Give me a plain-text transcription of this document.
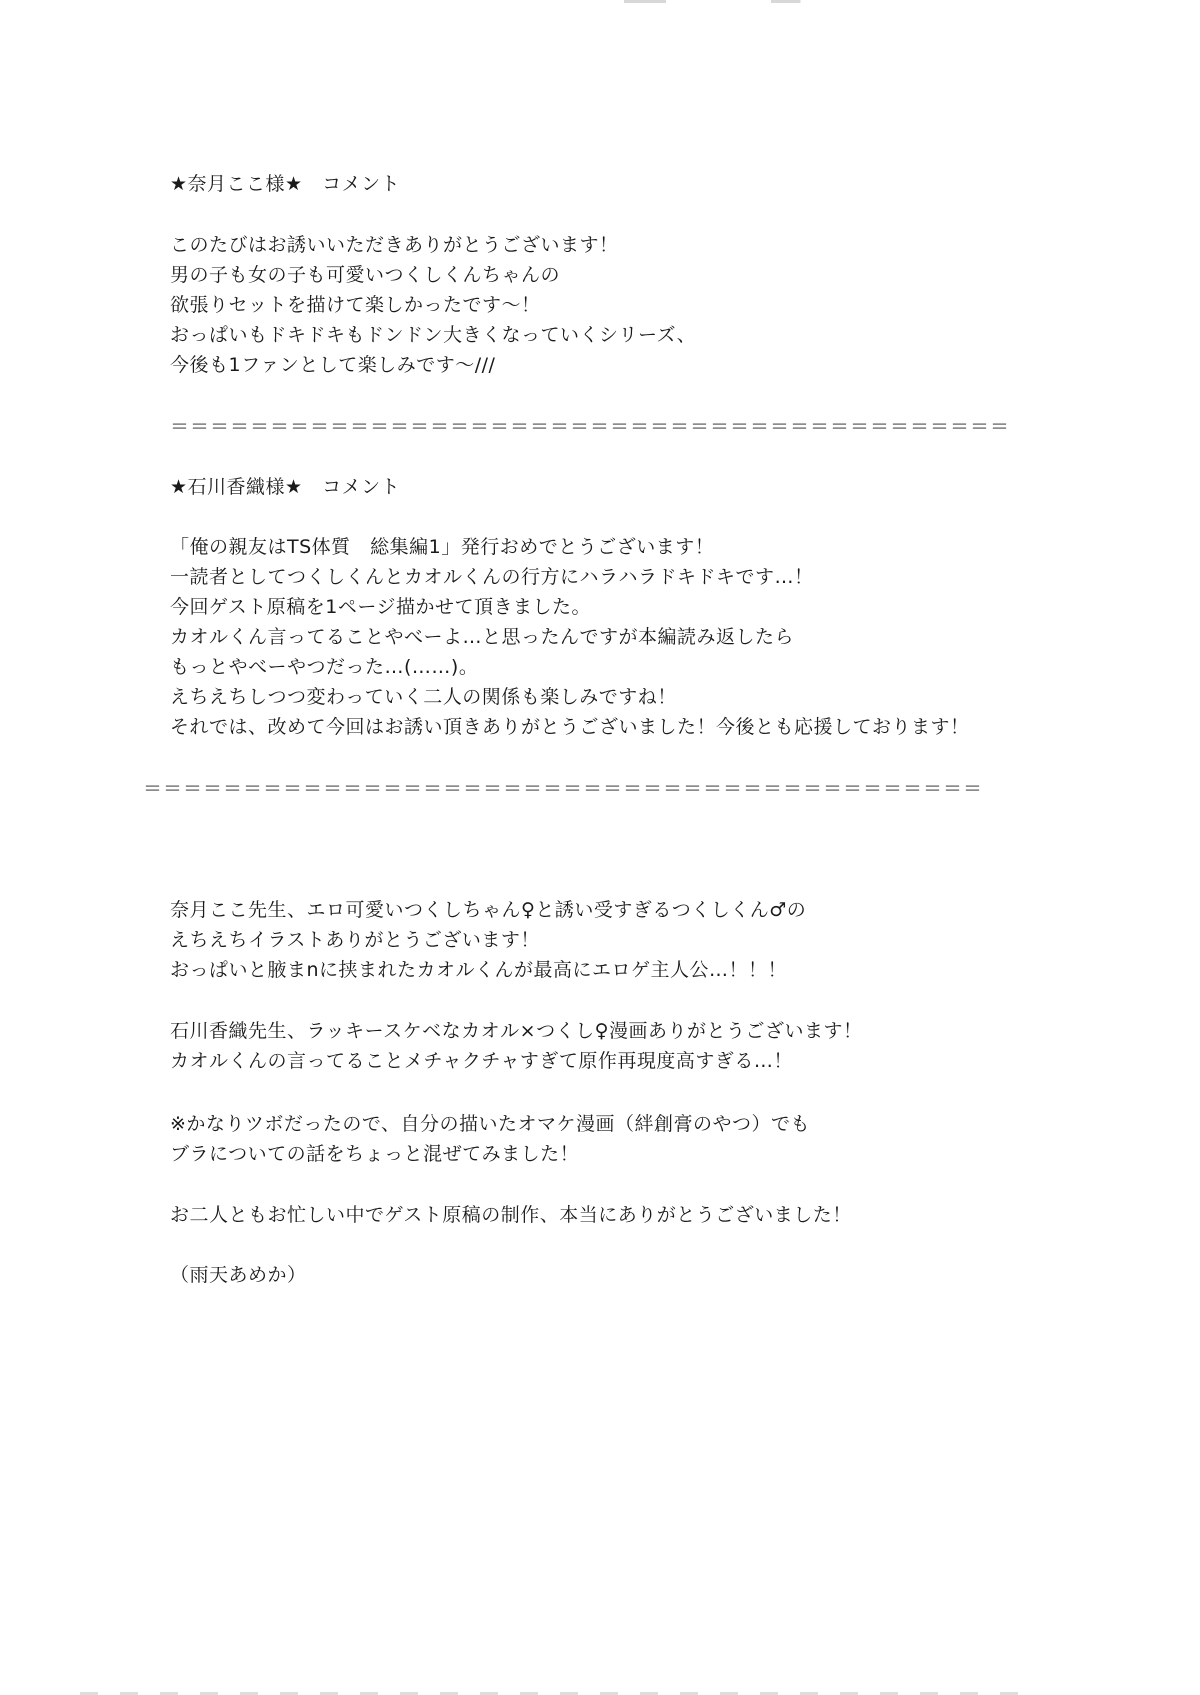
★奈月ここ様★　コメント
このたびはお誘いいただきありがとうございます！
男の子も女の子も可愛いつくしくんちゃんの
欲張りセットを描けて楽しかったです～！
おっぱいもドキドキもドンドン大きくなっていくシリーズ、
今後も1ファンとして楽しみです～///
＝＝＝＝＝＝＝＝＝＝＝＝＝＝＝＝＝＝＝＝＝＝＝＝＝＝＝＝＝＝＝＝＝＝＝＝＝＝＝＝＝＝
★石川香織様★　コメント
「俺の親友はTS体質　総集編1」発行おめでとうございます！
一読者としてつくしくんとカオルくんの行方にハラハラドキドキです…！
今回ゲスト原稿を1ページ描かせて頂きました。
カオルくん言ってることやべーよ…と思ったんですが本編読み返したら
もっとやべーやつだった…(……)。
えちえちしつつ変わっていく二人の関係も楽しみですね！
それでは、改めて今回はお誘い頂きありがとうございました！今後とも応援しております！
＝＝＝＝＝＝＝＝＝＝＝＝＝＝＝＝＝＝＝＝＝＝＝＝＝＝＝＝＝＝＝＝＝＝＝＝＝＝＝＝＝＝
奈月ここ先生、エロ可愛いつくしちゃん♀と誘い受すぎるつくしくん♂の
えちえちイラストありがとうございます！
おっぱいと腋まnに挟まれたカオルくんが最高にエロゲ主人公…！！！
石川香織先生、ラッキースケベなカオル×つくし♀漫画ありがとうございます！
カオルくんの言ってることメチャクチャすぎて原作再現度高すぎる…！
※かなりツボだったので、自分の描いたオマケ漫画（絆創膏のやつ）でも
ブラについての話をちょっと混ぜてみました！
お二人ともお忙しい中でゲスト原稿の制作、本当にありがとうございました！
（雨天あめか）
